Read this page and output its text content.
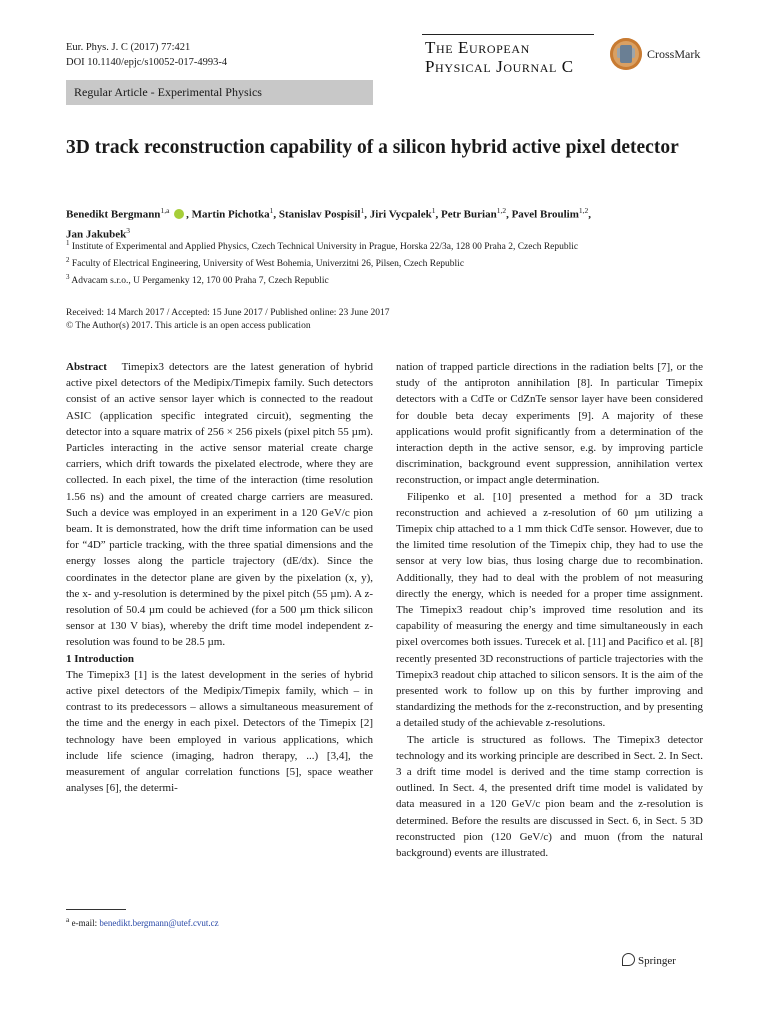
Eur. Phys. J. C (2017) 77:421
DOI 10.1140/epjc/s10052-017-4993-4
The European
Physical Journal C
CrossMark
Regular Article - Experimental Physics
3D track reconstruction capability of a silicon hybrid active pixel detector
Benedikt Bergmann$^{1,a}$ , Martin Pichotka$^1$, Stanislav Pospisil$^1$, Jiri Vycpalek$^1$, Petr Burian$^{1,2}$, Pavel Broulim$^{1,2}$,
Jan Jakubek$^3$
$^1$ Institute of Experimental and Applied Physics, Czech Technical University in Prague, Horska 22/3a, 128 00 Praha 2, Czech Republic
$^2$ Faculty of Electrical Engineering, University of West Bohemia, Univerzitni 26, Pilsen, Czech Republic
$^3$ Advacam s.r.o., U Pergamenky 12, 170 00 Praha 7, Czech Republic
Received: 14 March 2017 / Accepted: 15 June 2017 / Published online: 23 June 2017
© The Author(s) 2017. This article is an open access publication

Abstract Timepix3 detectors are the latest generation of hybrid active pixel detectors of the Medipix/Timepix family. Such detectors consist of an active sensor layer which is connected to the readout ASIC (application specific integrated circuit), segmenting the detector into a square matrix of 256 × 256 pixels (pixel pitch 55 µm). Particles interacting in the active sensor material create charge carriers, which drift towards the pixelated electrode, where they are collected. In each pixel, the time of the interaction (time resolution 1.56 ns) and the amount of created charge carriers are measured. Such a device was employed in an experiment in a 120 GeV/c pion beam. It is demonstrated, how the drift time information can be used for “4D” particle tracking, with the three spatial dimensions and the energy losses along the particle trajectory (dE/dx). Since the coordinates in the detector plane are given by the pixelation (x, y), the x- and y-resolution is determined by the pixel pitch (55 µm). A z-resolution of 50.4 µm could be achieved (for a 500 µm thick silicon sensor at 130 V bias), whereby the drift time model independent z-resolution was found to be 28.5 µm.

1 Introduction

The Timepix3 [1] is the latest development in the series of hybrid active pixel detectors of the Medipix/Timepix family, which – in contrast to its predecessors – allows a simultaneous measurement of the time and the energy in each pixel. Detectors of the Timepix [2] technology have been employed in various applications, which include life science (imaging, hadron therapy, ...) [3,4], the measurement of angular correlation functions [5], space weather analyses [6], the determi-

nation of trapped particle directions in the radiation belts [7], or the study of the antiproton annihilation [8]. In particular Timepix detectors with a CdTe or CdZnTe sensor layer have been considered for double beta decay experiments [9]. A majority of these applications would profit significantly from a determination of the interaction depth in the active sensor, e.g. by improving particle discrimination, background event suppression, annihilation vertex reconstruction, or impact angle determination.

Filipenko et al. [10] presented a method for a 3D track reconstruction and achieved a z-resolution of 60 µm utilizing a Timepix chip attached to a 1 mm thick CdTe sensor. However, due to the limited time resolution of the Timepix chip, they had to use the sensor at very low bias, thus losing charge due to recombination. Additionally, they had to deal with the problem of not measuring directly the energy, which is needed for a proper time assignment. The Timepix3 readout chip’s improved time resolution and its capability of measuring the energy and time simultaneously in each pixel overcomes both issues. Turecek et al. [11] and Pacifico et al. [8] recently presented 3D reconstructions of particle trajectories with the Timepix3 readout chip attached to silicon sensors. It is the aim of the presented work to follow up on this by further improving and standardizing the methods for the z-reconstruction, and by presenting a detailed study of the achievable z-resolutions.

The article is structured as follows. The Timepix3 detector technology and its working principle are described in Sect. 2. In Sect. 3 a drift time model is derived and the time stamp correction is outlined. In Sect. 4, the presented drift time model is validated by data measured in a 120 GeV/c pion beam and the z-resolution is determined. Before the results are discussed in Sect. 6, in Sect. 5 3D reconstructed pion (120 GeV/c) and muon (from the natural background) events are illustrated.

$^a$ e-mail: benedikt.bergmann@utef.cvut.cz
Springer
